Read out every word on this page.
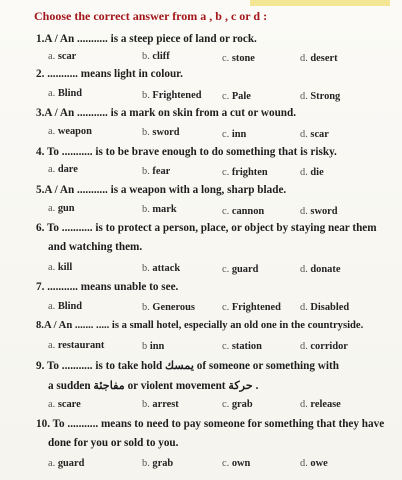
Choose the correct answer from a , b , c or d :
1.A / An ........... is a steep piece of land or rock.
a. scar	b. cliff	c. stone	d. desert
2. ........... means light in colour.
a. Blind	b. Frightened c. Pale	d. Strong
3.A / An ........... is a mark on skin from a cut or wound.
a. weapon	b. sword	c. inn	d. scar
4. To ........... is to be brave enough to do something that is risky.
a. dare	b. fear	c. frighten	d. die
5.A / An ........... is a weapon with a long, sharp blade.
a. gun	b. mark	c. cannon	d. sword
6. To ........... is to protect a person, place, or object by staying near them
and watching them.
a. kill	b. attack	c. guard	d. donate
7. ........... means unable to see.
a. Blind	b. Generous	c. Frightened d. Disabled
8.A / An ....... ..... is a small hotel, especially an old one in the countryside.
a. restaurant	b inn	c. station	d. corridor
9. To ........... is to take hold يمسك of someone or something with
a sudden مفاجئة or violent movement حركة .
a. scare	b. arrest	c. grab	d. release
10. To ........... means to need to pay someone for something that they have
done for you or sold to you.
a. guard	b. grab	c. own	d. owe
